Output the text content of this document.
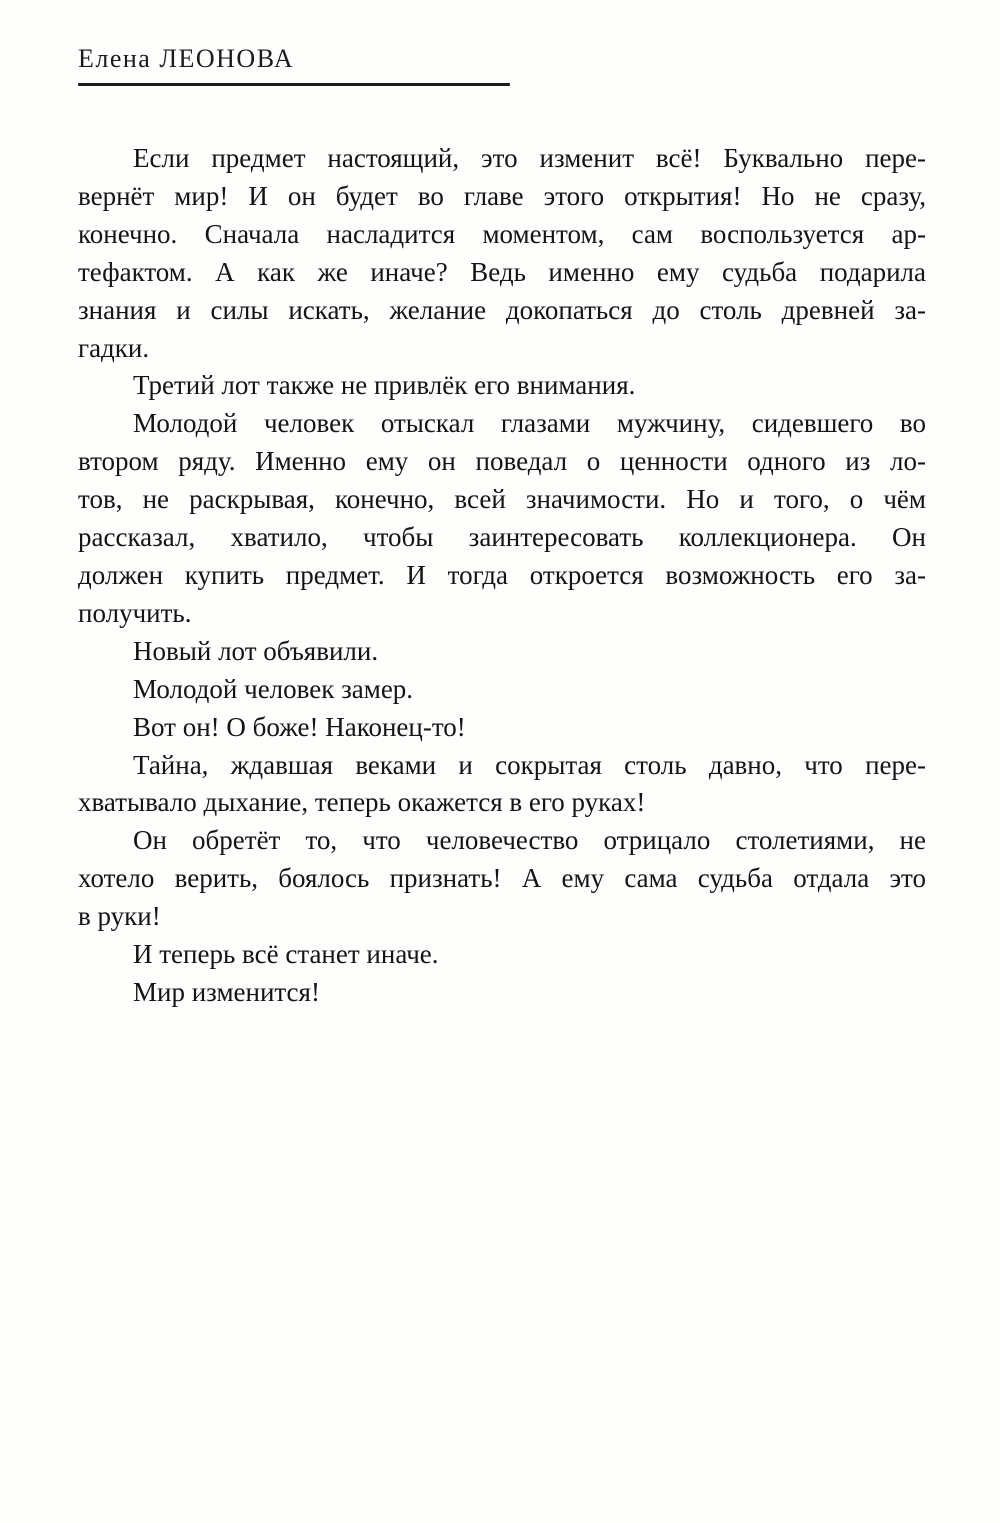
Елена ЛЕОНОВА
Если предмет настоящий, это изменит всё! Буквально пере-
вернёт мир! И он будет во главе этого открытия! Но не сразу,
конечно. Сначала насладится моментом, сам воспользуется ар-
тефактом. А как же иначе? Ведь именно ему судьба подарила
знания и силы искать, желание докопаться до столь древней за-
гадки.
Третий лот также не привлёк его внимания.
Молодой человек отыскал глазами мужчину, сидевшего во
втором ряду. Именно ему он поведал о ценности одного из ло-
тов, не раскрывая, конечно, всей значимости. Но и того, о чём
рассказал, хватило, чтобы заинтересовать коллекционера. Он
должен купить предмет. И тогда откроется возможность его за-
получить.
Новый лот объявили.
Молодой человек замер.
Вот он! О боже! Наконец-то!
Тайна, ждавшая веками и сокрытая столь давно, что пере-
хватывало дыхание, теперь окажется в его руках!
Он обретёт то, что человечество отрицало столетиями, не
хотело верить, боялось признать! А ему сама судьба отдала это
в руки!
И теперь всё станет иначе.
Мир изменится!
